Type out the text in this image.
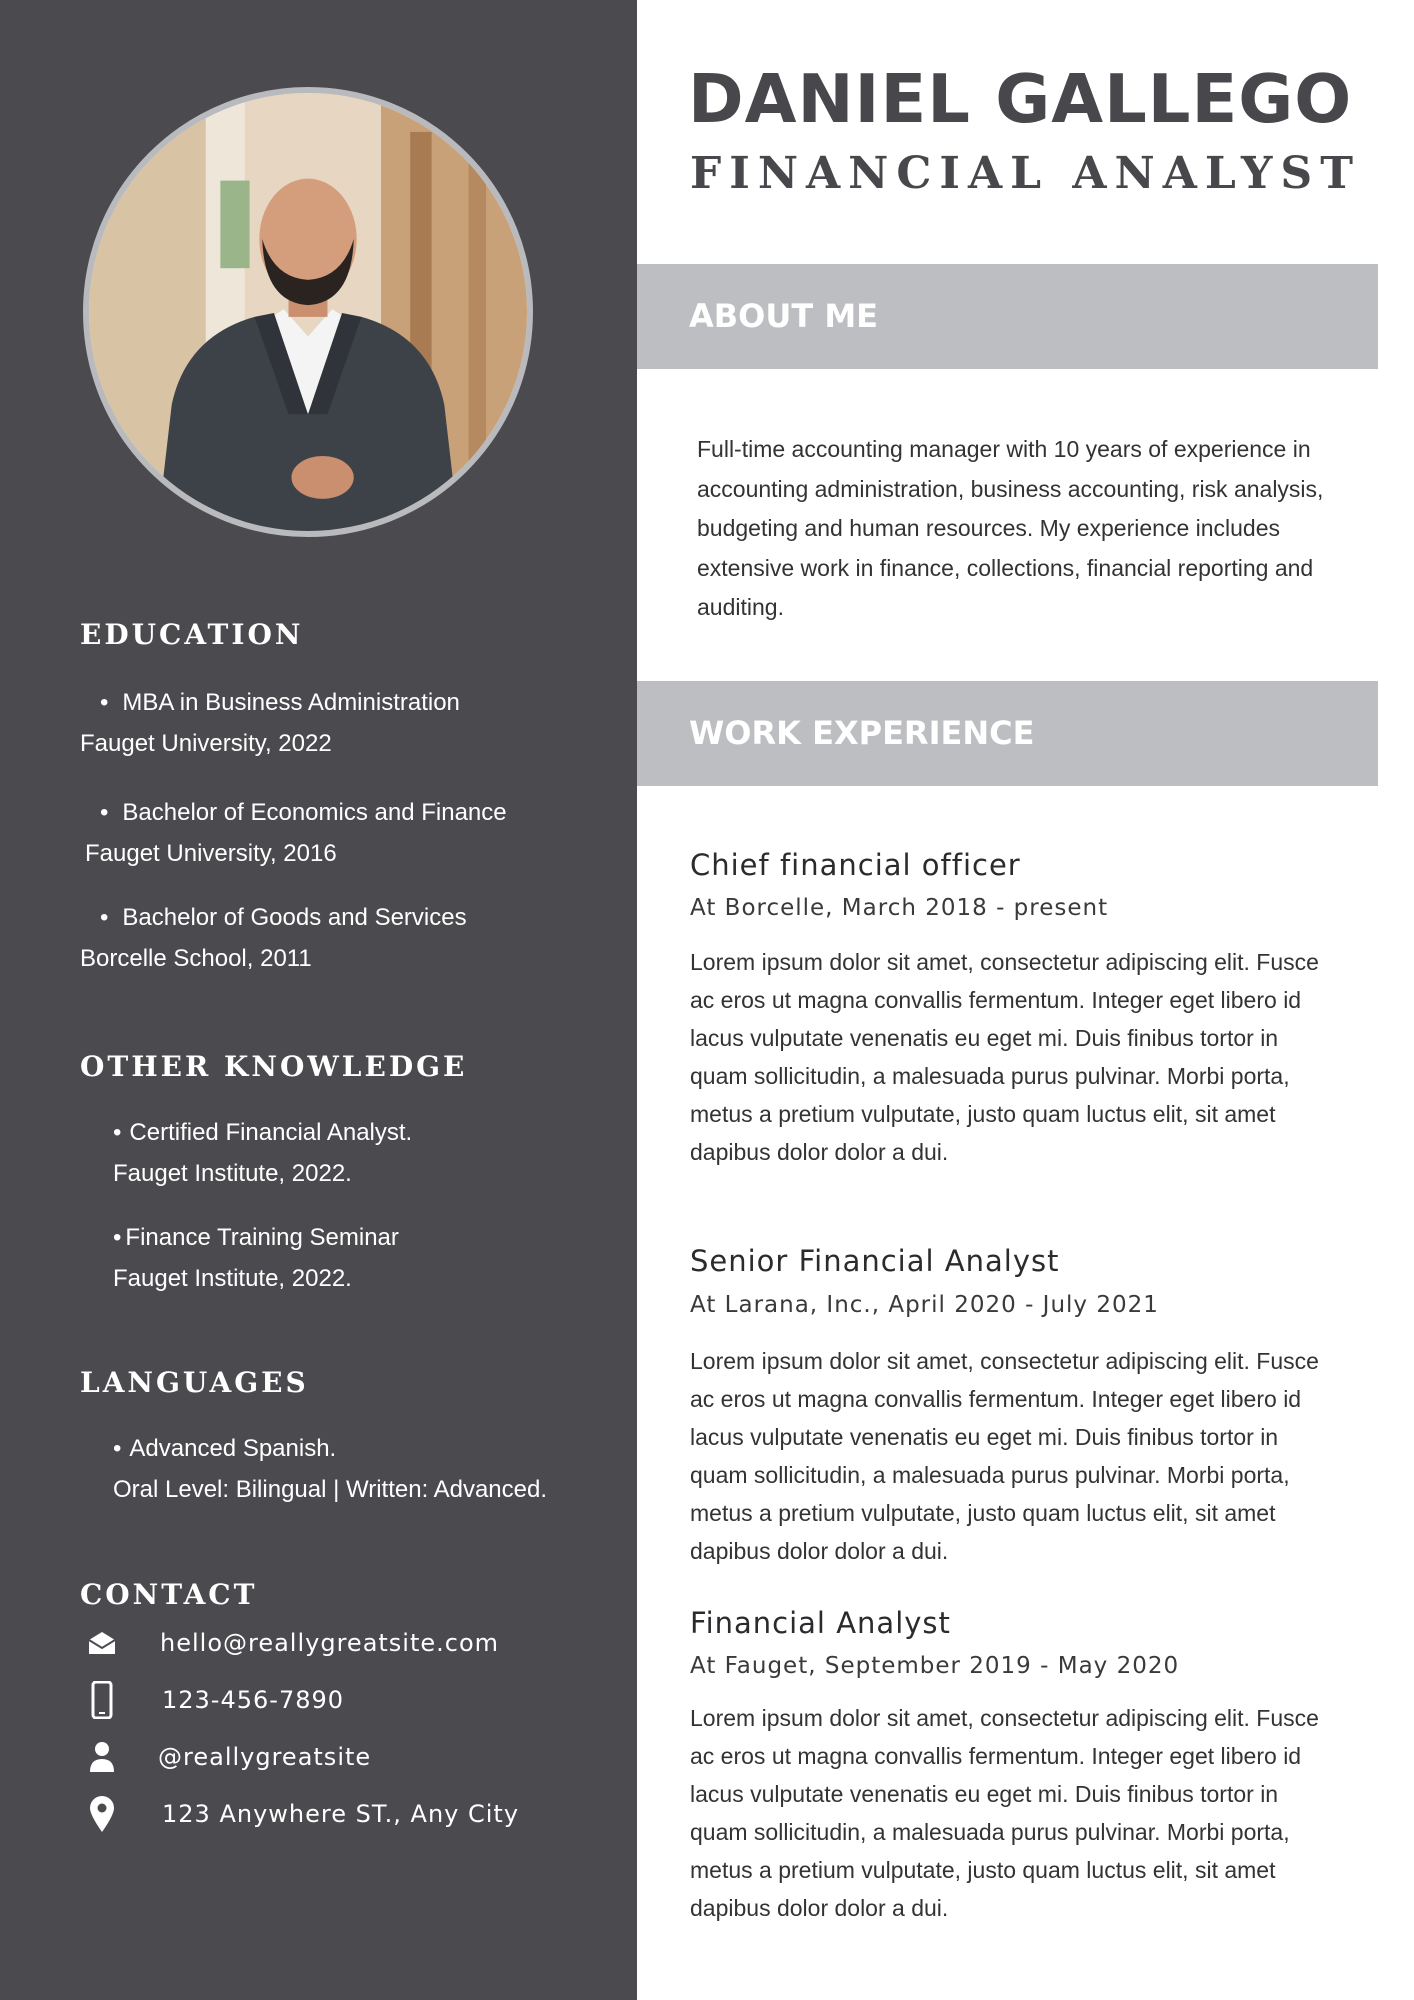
EDUCATION
• MBA in Business Administration
Fauget University, 2022
• Bachelor of Economics and Finance
Fauget University, 2016
• Bachelor of Goods and Services
Borcelle School, 2011
OTHER KNOWLEDGE
• Certified Financial Analyst.
Fauget Institute, 2022.
• Finance Training Seminar
Fauget Institute, 2022.
LANGUAGES
• Advanced Spanish.
Oral Level: Bilingual | Written: Advanced.
CONTACT
hello@reallygreatsite.com
123-456-7890
@reallygreatsite
123 Anywhere ST., Any City
DANIEL GALLEGO
FINANCIAL ANALYST
ABOUT ME
Full-time accounting manager with 10 years of experience in accounting administration, business accounting, risk analysis, budgeting and human resources. My experience includes extensive work in finance, collections, financial reporting and auditing.
WORK EXPERIENCE
Chief financial officer
At Borcelle, March 2018 - present
Lorem ipsum dolor sit amet, consectetur adipiscing elit. Fusce ac eros ut magna convallis fermentum. Integer eget libero id lacus vulputate venenatis eu eget mi. Duis finibus tortor in quam sollicitudin, a malesuada purus pulvinar. Morbi porta, metus a pretium vulputate, justo quam luctus elit, sit amet dapibus dolor dolor a dui.
Senior Financial Analyst
At Larana, Inc., April 2020 - July 2021
Lorem ipsum dolor sit amet, consectetur adipiscing elit. Fusce ac eros ut magna convallis fermentum. Integer eget libero id lacus vulputate venenatis eu eget mi. Duis finibus tortor in quam sollicitudin, a malesuada purus pulvinar. Morbi porta, metus a pretium vulputate, justo quam luctus elit, sit amet dapibus dolor dolor a dui.
Financial Analyst
At Fauget, September 2019 - May 2020
Lorem ipsum dolor sit amet, consectetur adipiscing elit. Fusce ac eros ut magna convallis fermentum. Integer eget libero id lacus vulputate venenatis eu eget mi. Duis finibus tortor in quam sollicitudin, a malesuada purus pulvinar. Morbi porta, metus a pretium vulputate, justo quam luctus elit, sit amet dapibus dolor dolor a dui.
